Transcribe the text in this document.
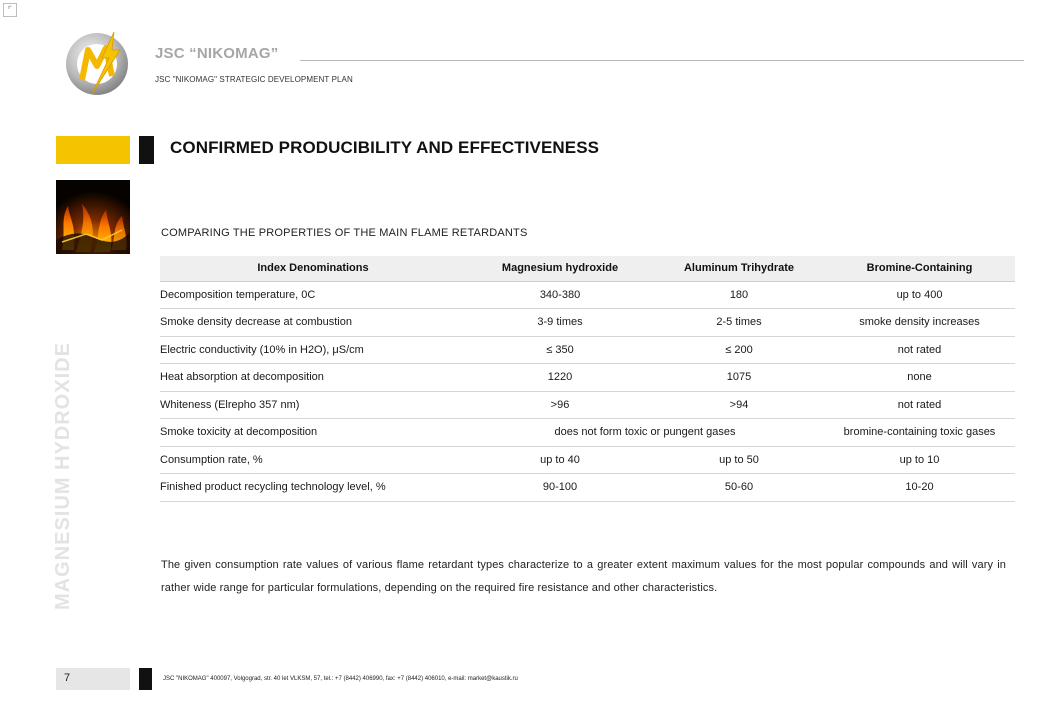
⌜
JSC “NIKOMAG”
JSC "NIKOMAG" STRATEGIC DEVELOPMENT PLAN
CONFIRMED PRODUCIBILITY AND EFFECTIVENESS
MAGNESIUM HYDROXIDE
COMPARING THE PROPERTIES OF THE MAIN FLAME RETARDANTS
Index Denominations	Magnesium hydroxide	Aluminum Trihydrate	Bromine-Containing
Decomposition temperature, 0C	340-380	180	up to 400
Smoke density decrease at combustion	3-9 times	2-5 times	smoke density increases
Electric conductivity (10% in H2O), μS/cm	≤ 350	≤ 200	not rated
Heat absorption at decomposition	1220	1075	none
Whiteness (Elrepho 357 nm)	>96	>94	not rated
Smoke toxicity at decomposition	does not form toxic or pungent gases		bromine-containing toxic gases
Consumption rate, %	up to 40	up to 50	up to 10
Finished product recycling technology level, %	90-100	50-60	10-20

The given consumption rate values of various flame retardant types characterize to a greater extent maximum values for the most popular compounds and will vary in rather wide range for particular formulations, depending on the required fire resistance and other characteristics.

7	JSC "NIKOMAG" 400097, Volgograd, str. 40 let VLKSM, 57, tel.: +7 (8442) 406990, fax: +7 (8442) 406010, e-mail: market@kaustik.ru
